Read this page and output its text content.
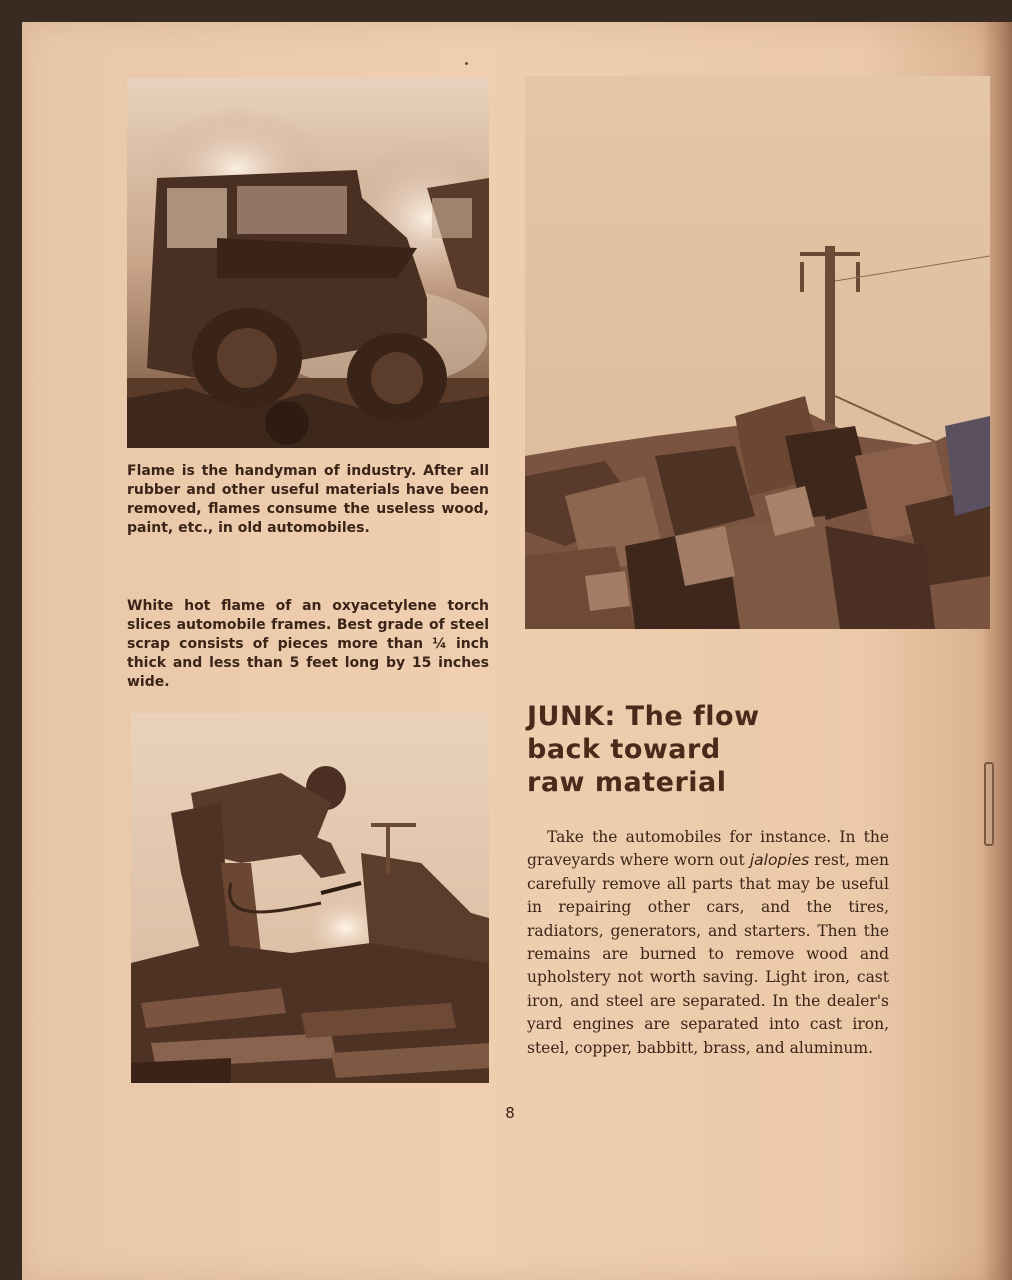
Flame is the handyman of industry. After all rubber and other useful materials have been removed, flames consume the useless wood, paint, etc., in old automobiles.
White hot flame of an oxyacetylene torch slices automobile frames. Best grade of steel scrap consists of pieces more than ¼ inch thick and less than 5 feet long by 15 inches wide.
JUNK: The flow
back toward
raw material

Take the automobiles for instance. In the graveyards where worn out jalopies rest, men carefully remove all parts that may be useful in repairing other cars, and the tires, radiators, generators, and starters. Then the remains are burned to remove wood and upholstery not worth saving. Light iron, cast iron, and steel are separated. In the dealer's yard engines are separated into cast iron, steel, copper, babbitt, brass, and aluminum.

8
